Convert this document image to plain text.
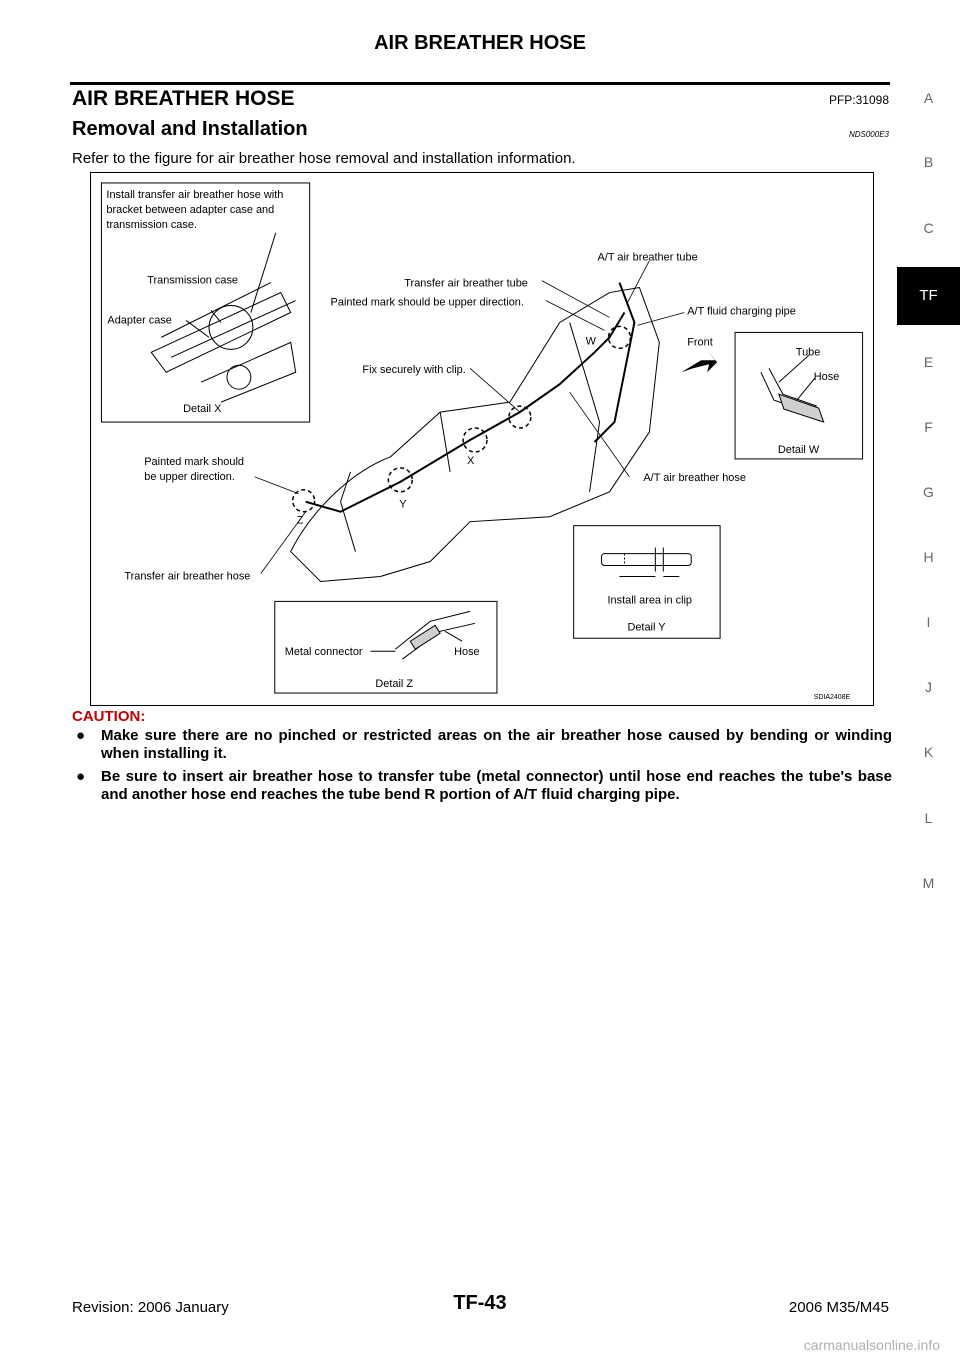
AIR BREATHER HOSE
AIR BREATHER HOSE	PFP:31098
Removal and Installation	NDS000E3
Refer to the figure for air breather hose removal and installation information.
Install transfer air breather hose with
bracket between adapter case and
transmission case.
Transmission case
Adapter case
Detail X
Z
Y
X
W
A/T air breather tube
Transfer air breather tube
Painted mark should be upper direction.
A/T fluid charging pipe
Front
Fix securely with clip.
Painted mark should
be upper direction.	A/T air breather hose
Transfer air breather hose
Tube
Hose
Detail W
Install area in clip
Detail Y
Metal connector	Hose
Detail Z
SDIA2408E
CAUTION:
●	Make sure there are no pinched or restricted areas on the air breather hose caused by bending or winding when installing it.
●	Be sure to insert air breather hose to transfer tube (metal connector) until hose end reaches the tube's base and another hose end reaches the tube bend R portion of A/T fluid charging pipe.
A
B
C
TF
E
F
G
H
I
J
K
L
M
Revision: 2006 January	TF-43	2006 M35/M45
carmanualsonline.info
